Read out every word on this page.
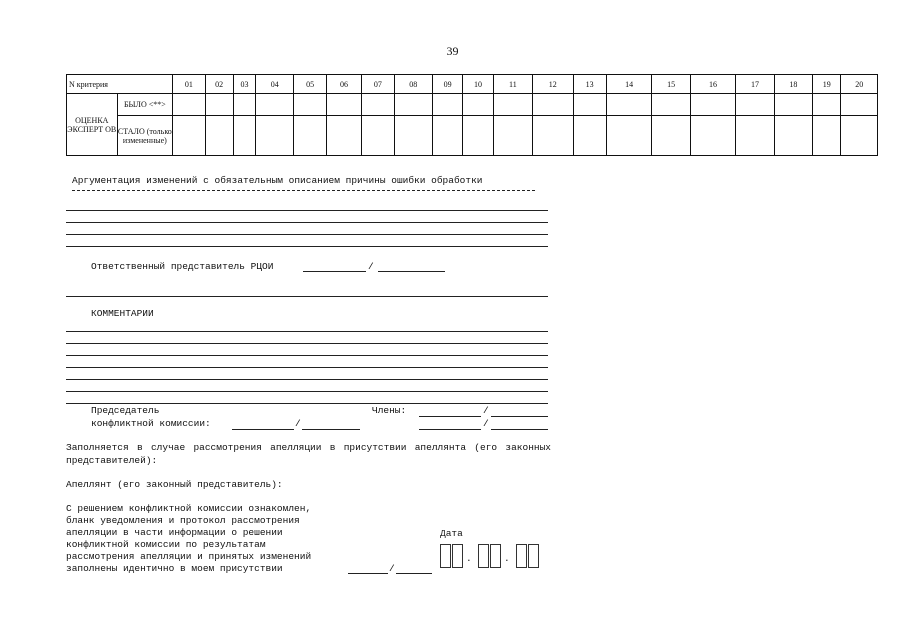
39
N критерия		01	02	03	04	05	06	07	08	09	10	11	12	13	14	15	16	17	18	19	20
ОЦЕНКА ЭКСПЕРТ ОВ	БЫЛО <**>																				
	СТАЛО (только измененные)																				
Аргументация изменений с обязательным описанием причины ошибки обработки
Ответственный представитель РЦОИ	/
КОММЕНТАРИИ
Председатель
конфликтной комиссии:	/
Члены:	/
/
Заполняется в случае рассмотрения апелляции в присутствии апеллянта (его законных представителей):
Апеллянт (его законный представитель):
С решением конфликтной комиссии ознакомлен,
бланк уведомления и протокол рассмотрения
апелляции в части информации о решении
конфликтной комиссии по результатам
рассмотрения апелляции и принятых изменений
заполнены идентично в моем присутствии	/
Дата
.	.
